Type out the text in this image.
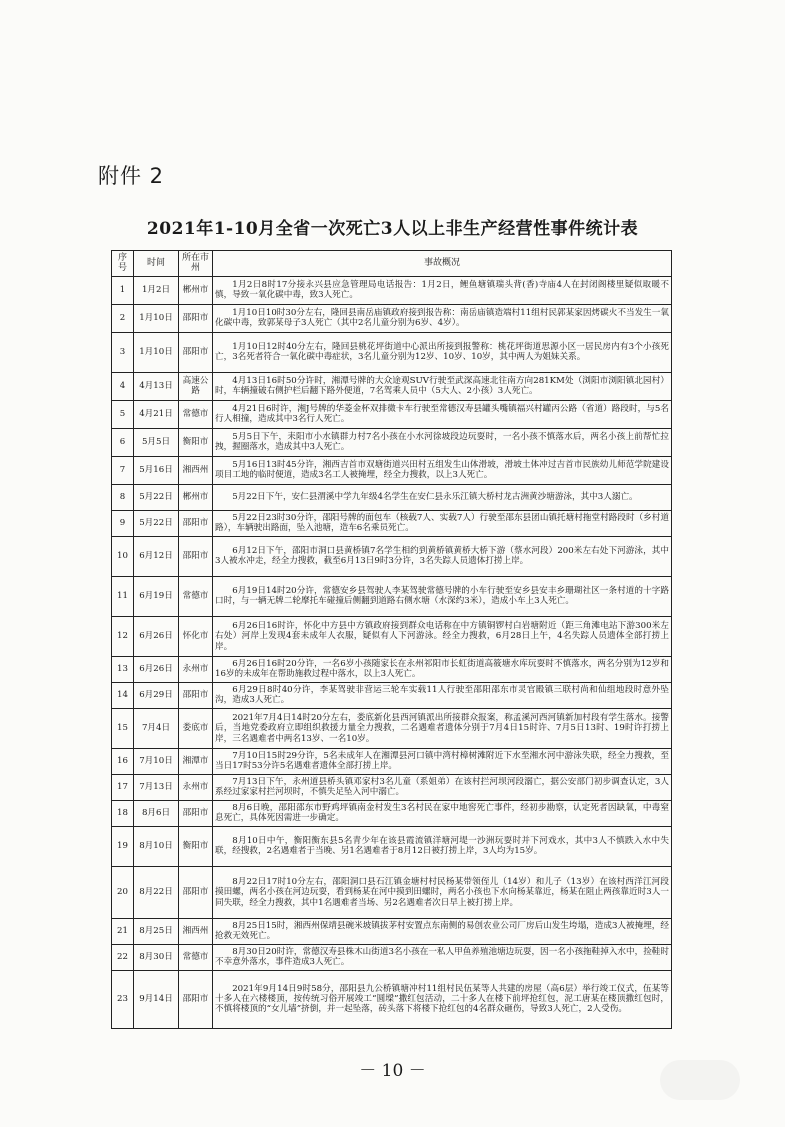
附件 2
2021年1-10月全省一次死亡3人以上非生产经营性事件统计表
序号	时间	所在市州	事故概况
1	1月2日	郴州市	1月2日8时17分接永兴县应急管理局电话报告：1月2日，鲤鱼塘镇瑞头背(香)寺庙4人在封闭阁楼里疑似取暖不慎，导致一氧化碳中毒，致3人死亡。
2	1月10日	邵阳市	1月10日10时30分左右，隆回县南岳庙镇政府接到报告称：南岳庙镇造端村11组村民郭某家因烤碳火不当发生一氧化碳中毒，致郭某母子3人死亡（其中2名儿童分别为6岁、4岁）。
3	1月10日	邵阳市	1月10日12时40分左右，隆回县桃花坪街道中心派出所接到报警称：桃花坪街道思源小区一居民房内有3个小孩死亡，3名死者符合一氧化碳中毒症状，3名儿童分别为12岁、10岁、10岁，其中两人为姐妹关系。
4	4月13日	高速公路	4月13日16时50分许时，湘潭号牌的大众途观SUV行驶至武深高速北往南方向281KM处（浏阳市浏阳镇北园村）时，车辆撞破右侧护栏后翻下路外便道，7名驾乘人员中（5大人、2小孩）3人死亡。
5	4月21日	常德市	4月21日6时许，湘J号牌的华菱金杯双排微卡车行驶至常德汉寿县罐头嘴镇福兴村罐丙公路（省道）路段时，与5名行人相撞，造成其中3名行人死亡。
6	5月5日	衡阳市	5月5日下午，耒阳市小水镇群力村7名小孩在小水河徐坡段边玩耍时，一名小孩不慎落水后，两名小孩上前帮忙拉拽，握圈落水，造成其中3人死亡。
7	5月16日	湘西州	5月16日13时45分许，湘西吉首市双塘街道兴田村五组发生山体滑坡，滑坡土体冲过吉首市民族幼儿师范学院建设项目工地的临时便道，造成3名工人被掩埋，经全力搜救，以上3人死亡。
8	5月22日	郴州市	5月22日下午，安仁县渭溪中学九年级4名学生在安仁县永乐江镇大桥村龙古洲黄沙塘游泳，其中3人溺亡。
9	5月22日	邵阳市	5月22日23时30分许，邵阳号牌的面包车（核载7人、实载7人）行驶至邵东县团山镇托塘村拖堂村路段时（乡村道路），车辆驶出路面，坠入池塘，造车6名乘员死亡。
10	6月12日	邵阳市	6月12日下午，邵阳市洞口县黄桥镇7名学生相约到黄桥镇黄桥大桥下游（蔡水河段）200米左右处下河游泳，其中3人被水冲走，经全力搜救，截至6月13日9时3分许，3名失踪人员遗体打捞上岸。
11	6月19日	常德市	6月19日14时20分许，常德安乡县驾驶人李某驾驶常德号牌的小车行驶至安乡县安丰乡珊瑚社区一条村道的十字路口时，与一辆无牌二轮摩托车碰撞后侧翻到道路右侧水塘（水深约3米），造成小车上3人死亡。
12	6月26日	怀化市	6月26日16时许，怀化中方县中方镇政府接到群众电话称在中方镇铜锣村白岩塘附近（距三角滩电站下游300米左右处）河岸上发现4套未成年人衣服，疑似有人下河游泳。经全力搜救，6月28日上午，4名失踪人员遗体全部打捞上岸。
13	6月26日	永州市	6月26日16时20分许，一名6岁小孩随家长在永州祁阳市长虹街道高筱塘水库玩耍时不慎落水，两名分别为12岁和16岁的未成年在帮助施救过程中落水，以上3人死亡。
14	6月29日	邵阳市	6月29日8时40分许，李某驾驶非营运三轮车实载11人行驶至邵阳邵东市灵官殿镇三联村尚和仙组地段时意外坠沟，造成3人死亡。
15	7月4日	娄底市	2021年7月4日14时20分左右，娄底新化县西河镇派出所接群众报案，称孟溪河西河镇新加村段有学生落水。接警后，当地党委政府立即组织救援力量全力搜救，二名遇难者遗体分别于7月4日15时许、7月5日13时、19时许打捞上岸，三名遇难者中两名13岁、一名10岁。
16	7月10日	湘潭市	7月10日15时29分许，5名未成年人在湘潭县河口镇中湾村樟树滩附近下水至湘水河中游泳失联，经全力搜救，至当日17时53分许5名遇难者遗体全部打捞上岸。
17	7月13日	永州市	7月13日下午，永州道县桥头镇邓家村3名儿童（系姐弟）在该村拦河坝河段溺亡，据公安部门初步调查认定，3人系经过家家村拦河坝时，不慎失足坠入河中溺亡。
18	8月6日	邵阳市	8月6日晚，邵阳邵东市野鸡坪镇南金村发生3名村民在家中地窖死亡事件，经初步勘察，认定死者因缺氧，中毒窒息死亡，具体死因需进一步确定。
19	8月10日	衡阳市	8月10日中午，衡阳衡东县5名青少年在该县霞流镇洋塘河堤一沙洲玩耍时并下河戏水，其中3人不慎跌入水中失联，经搜救，2名遇难者于当晚、另1名遇难者于8月12日被打捞上岸，3人均为15岁。
20	8月22日	邵阳市	8月22日17时10分左右，邵阳洞口县石江镇金塘村村民杨某带领侄儿（14岁）和儿子（13岁）在该村西洋江河段摸田螺，两名小孩在河边玩耍，看到杨某在河中摸到田螺时，两名小孩也下水向杨某靠近，杨某在阻止两孩靠近时3人一同失联，经全力搜救，其中1名遇难者当场、另2名遇难者次日早上被打捞上岸。
21	8月25日	湘西州	8月25日15时，湘西州保靖县碗米坡镇拔茅村安置点东南侧的易创农业公司厂房后山发生垮塌，造成3人被掩埋，经抢救无效死亡。
22	8月30日	常德市	8月30日20时许，常德汉寿县株木山街道3名小孩在一私人甲鱼养殖池塘边玩耍，因一名小孩拖鞋掉入水中，捡鞋时不幸意外落水，事件造成3人死亡。
23	9月14日	邵阳市	2021年9月14日9时58分，邵阳县九公桥镇塘冲村11组村民伍某等人共建的房屋（高6层）举行竣工仪式，伍某等十多人在六楼楼顶，按传统习俗开展竣工“圆墚”撒红包活动，二十多人在楼下前坪抢红包，泥工唐某在楼顶撒红包时，不慎将楼顶的“女儿墙”挤倒，并一起坠落，砖头落下将楼下抢红包的4名群众砸伤，导致3人死亡，2人受伤。
－ 10 －
